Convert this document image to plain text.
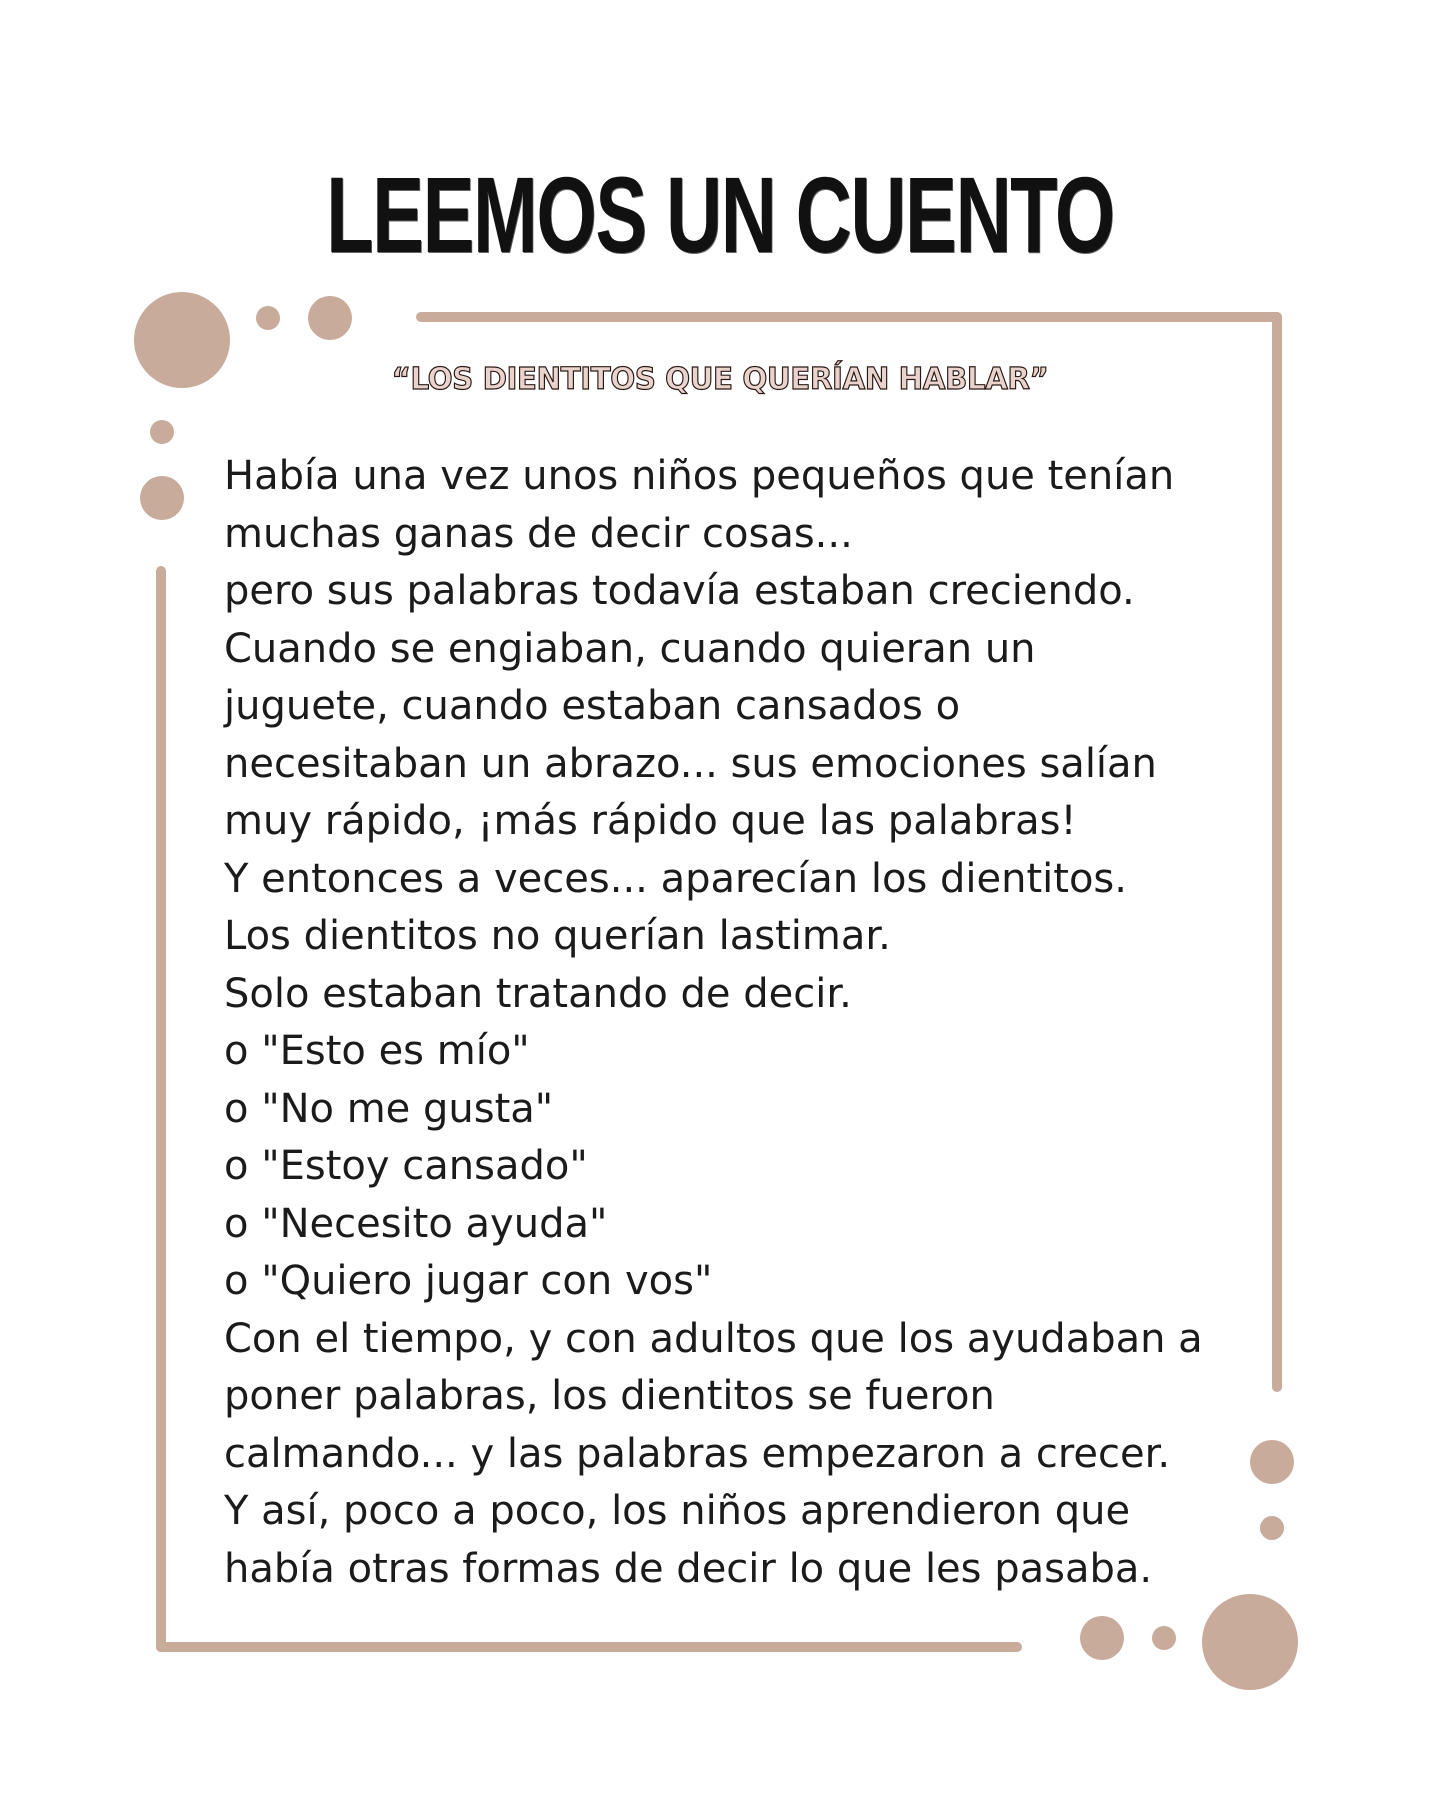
LEEMOS UN CUENTO
“LOS DIENTITOS QUE QUERÍAN HABLAR”
Había una vez unos niños pequeños que tenían
muchas ganas de decir cosas...
pero sus palabras todavía estaban creciendo.
Cuando se engiaban, cuando quieran un
juguete, cuando estaban cansados o
necesitaban un abrazo... sus emociones salían
muy rápido, ¡más rápido que las palabras!
Y entonces a veces... aparecían los dientitos.
Los dientitos no querían lastimar.
Solo estaban tratando de decir.
o "Esto es mío"
o "No me gusta"
o "Estoy cansado"
o "Necesito ayuda"
o "Quiero jugar con vos"
Con el tiempo, y con adultos que los ayudaban a
poner palabras, los dientitos se fueron
calmando... y las palabras empezaron a crecer.
Y así, poco a poco, los niños aprendieron que
había otras formas de decir lo que les pasaba.
